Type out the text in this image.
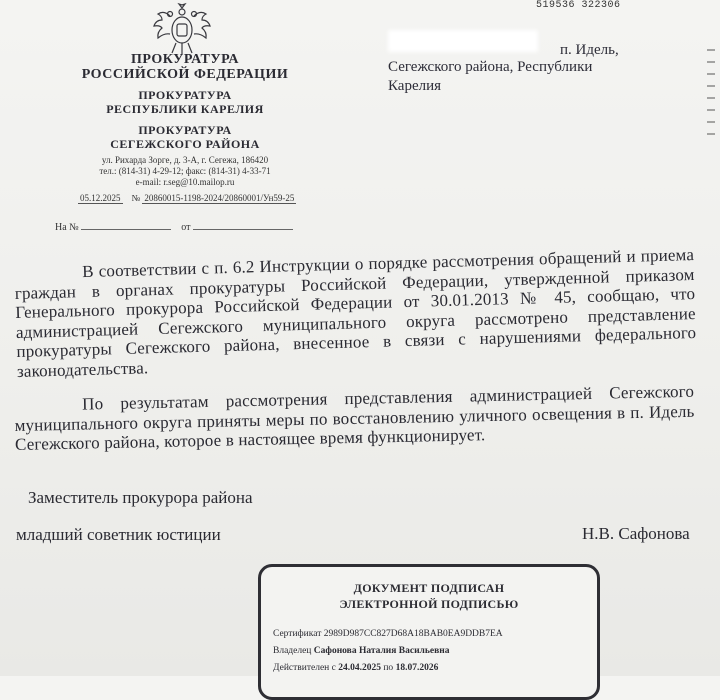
ПРОКУРАТУРА
РОССИЙСКОЙ ФЕДЕРАЦИИ
ПРОКУРАТУРА
РЕСПУБЛИКИ КАРЕЛИЯ
ПРОКУРАТУРА
СЕГЕЖСКОГО РАЙОНА
ул. Рихарда Зорге, д. 3-А, г. Сегежа, 186420
тел.: (814-31) 4-29-12; факс: (814-31) 4-33-71
e-mail: r.seg@10.mailop.ru
05.12.2025 № 20860015-1198-2024/20860001/Ун59-25
На №	от
519536 322306
п. Идель,
Сегежского района, Республики
Карелия

В соответствии с п. 6.2 Инструкции о порядке рассмотрения обращений и приема граждан в органах прокуратуры Российской Федерации, утвержденной приказом Генерального прокурора Российской Федерации от 30.01.2013 № 45, сообщаю, что администрацией Сегежского муниципального округа рассмотрено представление прокуратуры Сегежского района, внесенное в связи с нарушениями федерального законодательства.

По результатам рассмотрения представления администрацией Сегежского муниципального округа приняты меры по восстановлению уличного освещения в п. Идель Сегежского района, которое в настоящее время функционирует.

Заместитель прокурора района
младший советник юстиции	Н.В. Сафонова
ДОКУМЕНТ ПОДПИСАН
ЭЛЕКТРОННОЙ ПОДПИСЬЮ
Сертификат 2989D987CC827D68A18BAB0EA9DDB7EA
Владелец Сафонова Наталия Васильевна
Действителен с 24.04.2025 по 18.07.2026
